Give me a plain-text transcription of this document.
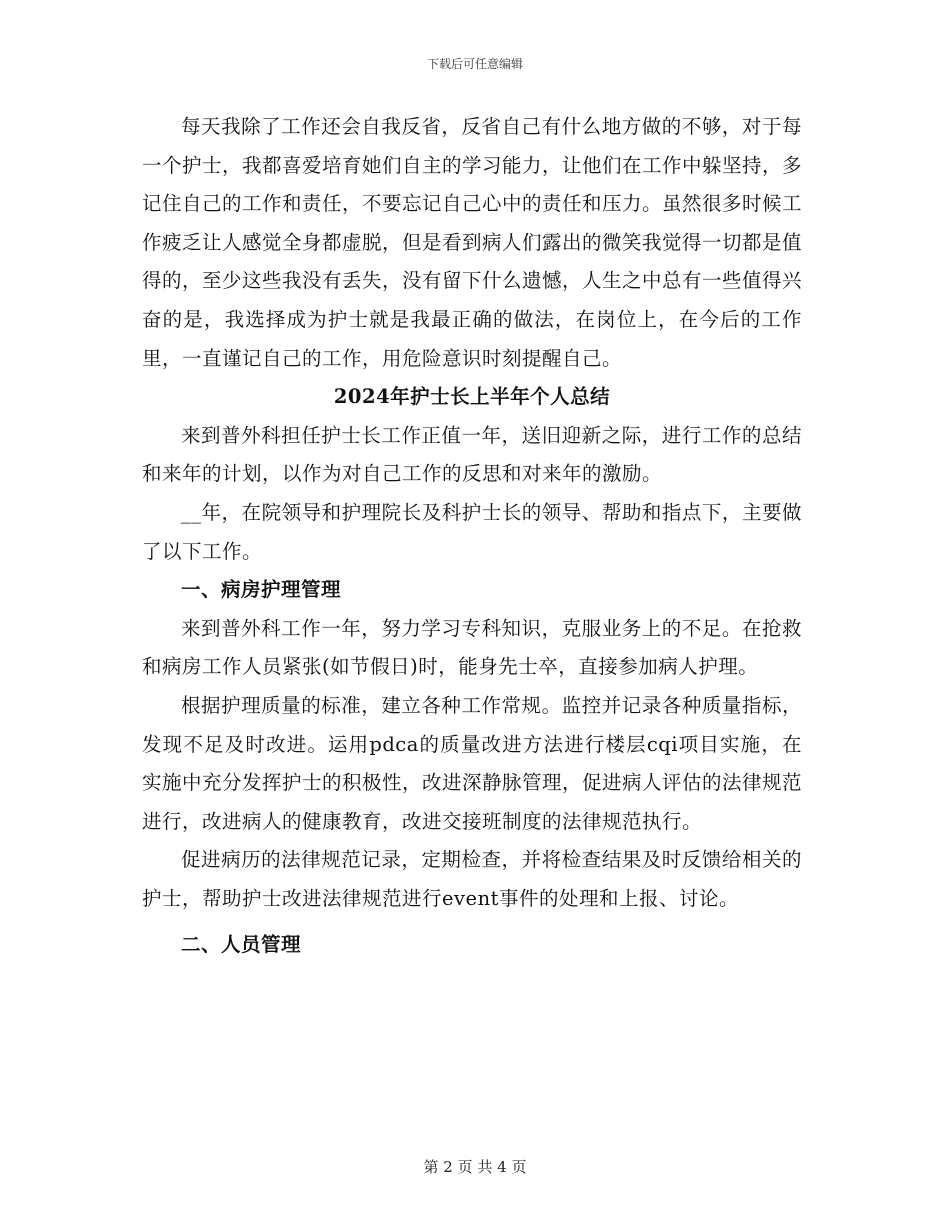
下载后可任意编辑

每天我除了工作还会自我反省，反省自己有什么地方做的不够，对于每一个护士，我都喜爱培育她们自主的学习能力，让他们在工作中躲坚持，多记住自己的工作和责任，不要忘记自己心中的责任和压力。虽然很多时候工作疲乏让人感觉全身都虚脱，但是看到病人们露出的微笑我觉得一切都是值得的，至少这些我没有丢失，没有留下什么遗憾，人生之中总有一些值得兴奋的是，我选择成为护士就是我最正确的做法，在岗位上，在今后的工作里，一直谨记自己的工作，用危险意识时刻提醒自己。

2024年护士长上半年个人总结

来到普外科担任护士长工作正值一年，送旧迎新之际，进行工作的总结和来年的计划，以作为对自己工作的反思和对来年的激励。

__年，在院领导和护理院长及科护士长的领导、帮助和指点下，主要做了以下工作。

一、病房护理管理

来到普外科工作一年，努力学习专科知识，克服业务上的不足。在抢救和病房工作人员紧张(如节假日)时，能身先士卒，直接参加病人护理。

根据护理质量的标准，建立各种工作常规。监控并记录各种质量指标，发现不足及时改进。运用pdca的质量改进方法进行楼层cqi项目实施，在实施中充分发挥护士的积极性，改进深静脉管理，促进病人评估的法律规范进行，改进病人的健康教育，改进交接班制度的法律规范执行。

促进病历的法律规范记录，定期检查，并将检查结果及时反馈给相关的护士，帮助护士改进法律规范进行event事件的处理和上报、讨论。

二、人员管理

第 2 页 共 4 页
